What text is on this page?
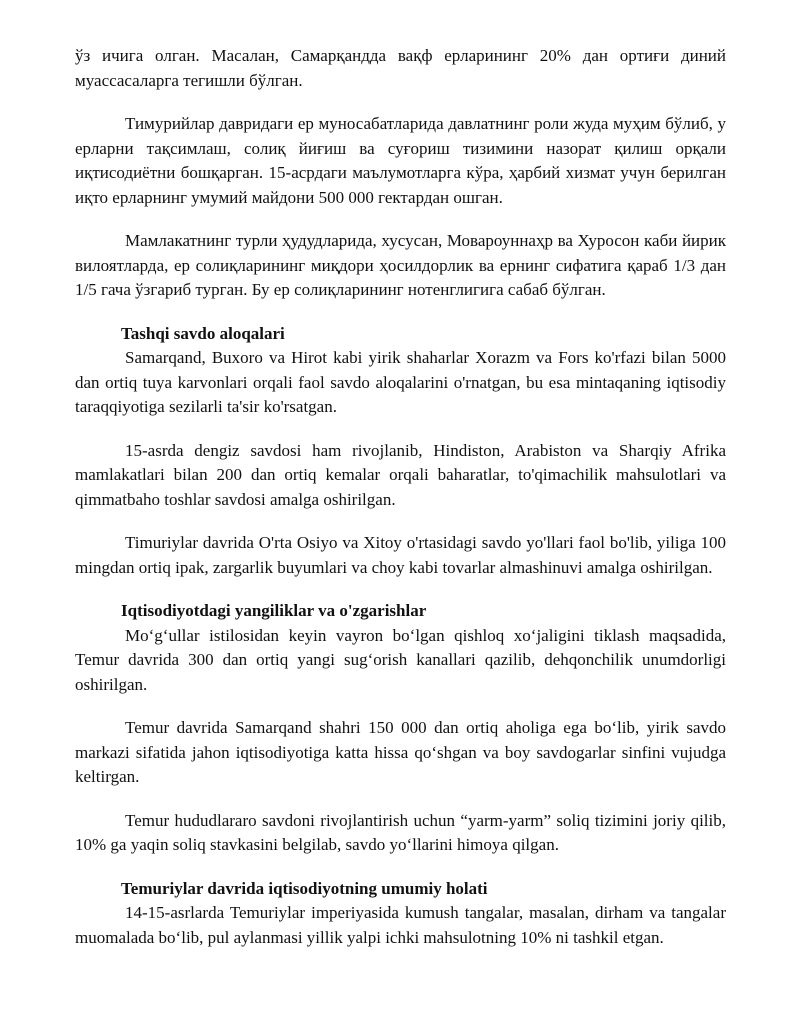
ўз ичига олган. Масалан, Самарқандда вақф ерларининг 20% дан ортиғи диний муассасаларга тегишли бўлган.

Тимурийлар давридаги ер муносабатларида давлатнинг роли жуда муҳим бўлиб, у ерларни тақсимлаш, солиқ йиғиш ва суғориш тизимини назорат қилиш орқали иқтисодиётни бошқарган. 15-асрдаги маълумотларга кўра, ҳарбий хизмат учун берилган иқто ерларнинг умумий майдони 500 000 гектардан ошган.

Мамлакатнинг турли ҳудудларида, хусусан, Мовароуннаҳр ва Хуросон каби йирик вилоятларда, ер солиқларининг миқдори ҳосилдорлик ва ернинг сифатига қараб 1/3 дан 1/5 гача ўзгариб турган. Бу ер солиқларининг нотенглигига сабаб бўлган.

Tashqi savdo aloqalari

Samarqand, Buxoro va Hirot kabi yirik shaharlar Xorazm va Fors ko'rfazi bilan 5000 dan ortiq tuya karvonlari orqali faol savdo aloqalarini o'rnatgan, bu esa mintaqaning iqtisodiy taraqqiyotiga sezilarli ta'sir ko'rsatgan.

15-asrda dengiz savdosi ham rivojlanib, Hindiston, Arabiston va Sharqiy Afrika mamlakatlari bilan 200 dan ortiq kemalar orqali baharatlar, to'qimachilik mahsulotlari va qimmatbaho toshlar savdosi amalga oshirilgan.

Timuriylar davrida O'rta Osiyo va Xitoy o'rtasidagi savdo yo'llari faol bo'lib, yiliga 100 mingdan ortiq ipak, zargarlik buyumlari va choy kabi tovarlar almashinuvi amalga oshirilgan.

Iqtisodiyotdagi yangiliklar va o'zgarishlar

Mo‘g‘ullar istilosidan keyin vayron bo‘lgan qishloq xo‘jaligini tiklash maqsadida, Temur davrida 300 dan ortiq yangi sug‘orish kanallari qazilib, dehqonchilik unumdorligi oshirilgan.

Temur davrida Samarqand shahri 150 000 dan ortiq aholiga ega bo‘lib, yirik savdo markazi sifatida jahon iqtisodiyotiga katta hissa qo‘shgan va boy savdogarlar sinfini vujudga keltirgan.

Temur hududlararo savdoni rivojlantirish uchun “yarm-yarm” soliq tizimini joriy qilib, 10% ga yaqin soliq stavkasini belgilab, savdo yo‘llarini himoya qilgan.

Temuriylar davrida iqtisodiyotning umumiy holati

14-15-asrlarda Temuriylar imperiyasida kumush tangalar, masalan, dirham va tangalar muomalada bo‘lib, pul aylanmasi yillik yalpi ichki mahsulotning 10% ni tashkil etgan.
